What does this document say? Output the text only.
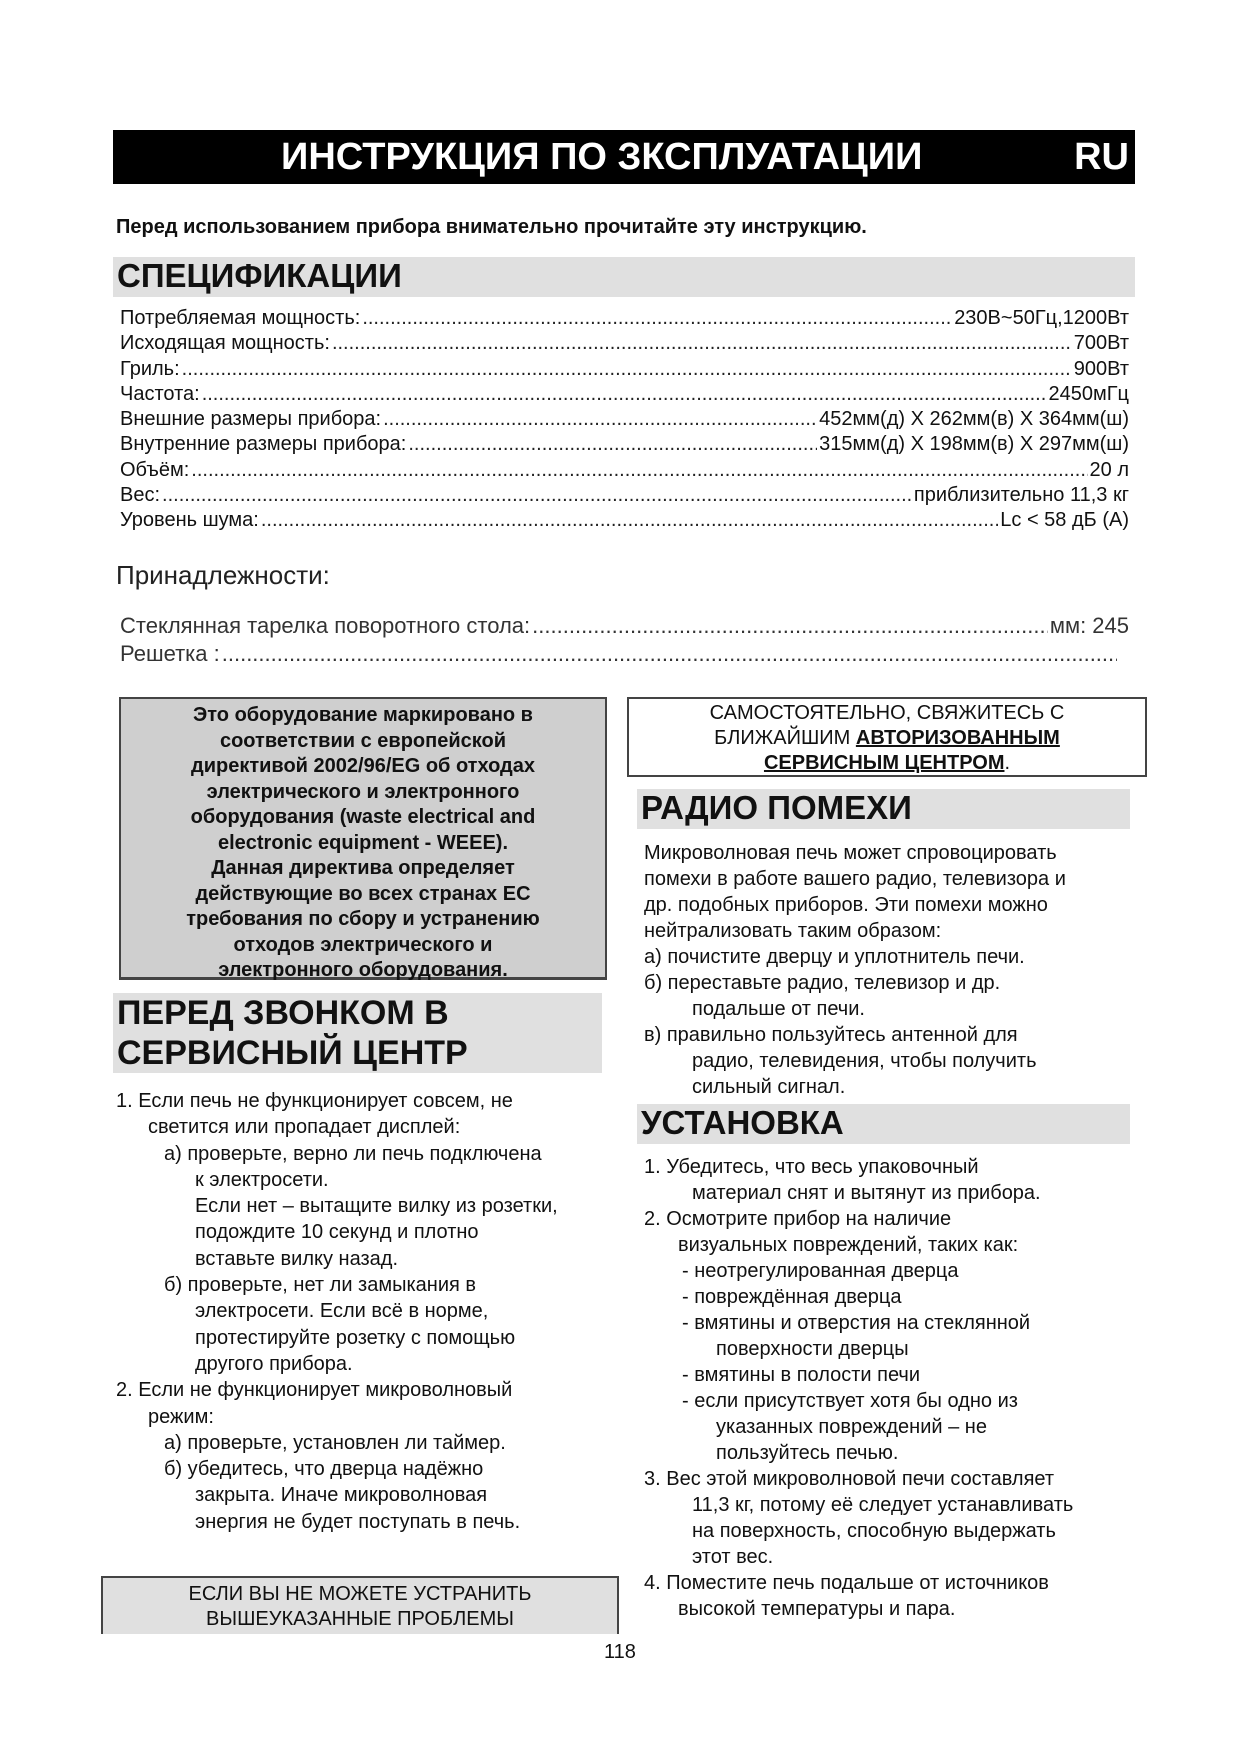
ИНСТРУКЦИЯ ПО ЗКСПЛУАТАЦИИ	RU
Перед использованием прибора внимательно прочитайте эту инструкцию.
СПЕЦИФИКАЦИИ
Потребляемая мощность: .....	230В~50Гц,1200Вт
Исходящая мощность: .....	700Вт
Гриль: .....	900Вт
Частота: .....	2450мГц
Внешние размеры прибора: .....	452мм(д) Х 262мм(в) Х 364мм(ш)
Внутренние размеры прибора: .....	315мм(д) Х 198мм(в) Х 297мм(ш)
Объём: .....	20 л
Вес: .....	приблизительно 11,3 кг
Уровень шума: .....	Lc < 58 дБ (А)
Принадлежности:
Стеклянная тарелка поворотного стола: .....	мм: 245
Решетка :
.....

Это оборудование маркировано в

соответствии с европейской

директивой 2002/96/EG об отходах

электрического и электронного

оборудования (waste electrical and

electronic equipment - WEEE).

Данная директива определяет

действующие во всех странах ЕС

требования по сбору и устранению

отходов электрического и

электронного оборудования.

САМОСТОЯТЕЛЬНО, СВЯЖИТЕСЬ С
БЛИЖАЙШИМ АВТОРИЗОВАННЫМ
СЕРВИСНЫМ ЦЕНТРОМ.
ПЕРЕД ЗВОНКОМ В
СЕРВИСНЫЙ ЦЕНТР
1. Если печь не функционирует совсем, не
светится или пропадает дисплей:
а) проверьте, верно ли печь подключена
к электросети.
Если нет – вытащите вилку из розетки,
подождите 10 секунд и плотно
вставьте вилку назад.
б) проверьте, нет ли замыкания в
электросети. Если всё в норме,
протестируйте розетку с помощью
другого прибора.
2. Если не функционирует микроволновый
режим:
а) проверьте, установлен ли таймер.
б) убедитесь, что дверца надёжно
закрыта. Иначе микроволновая
энергия не будет поступать в печь.
ЕСЛИ ВЫ НЕ МОЖЕТЕ УСТРАНИТЬ
ВЫШЕУКАЗАННЫЕ ПРОБЛЕМЫ
РАДИО ПОМЕХИ
Микроволновая печь может спровоцировать
помехи в работе вашего радио, телевизора и
др. подобных приборов. Эти помехи можно
нейтрализовать таким образом:
а) почистите дверцу и уплотнитель печи.
б) переставьте радио, телевизор и др.
подальше от печи.
в) правильно пользуйтесь антенной для
радио, телевидения, чтобы получить
сильный сигнал.
УСТАНОВКА
1. Убедитесь, что весь упаковочный
материал снят и вытянут из прибора.
2. Осмотрите прибор на наличие
визуальных повреждений, таких как:
- неотрегулированная дверца
- повреждённая дверца
- вмятины и отверстия на стеклянной
поверхности дверцы
- вмятины в полости печи
- если присутствует хотя бы одно из
указанных повреждений – не
пользуйтесь печью.
3. Вес этой микроволновой печи составляет
11,3 кг, потому её следует устанавливать
на поверхность, способную выдержать
этот вес.
4. Поместите печь подальше от источников
высокой температуры и пара.
118
